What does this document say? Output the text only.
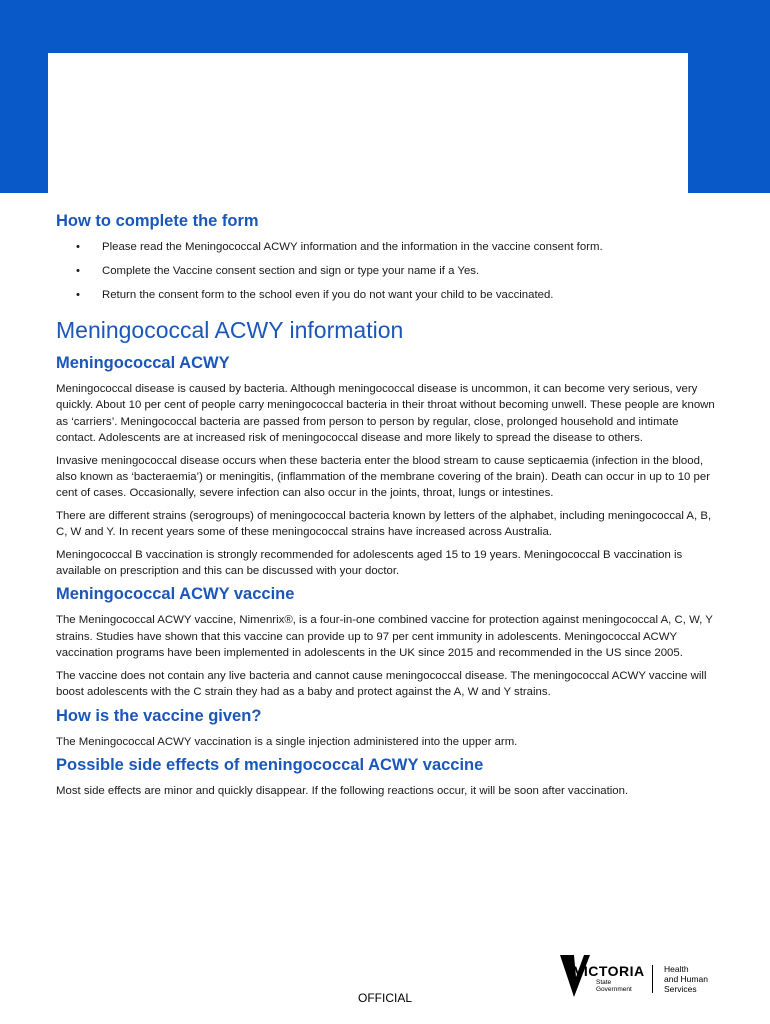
How to complete the form
• Please read the Meningococcal ACWY information and the information in the vaccine consent form.
• Complete the Vaccine consent section and sign or type your name if a Yes.
• Return the consent form to the school even if you do not want your child to be vaccinated.
Meningococcal ACWY information
Meningococcal ACWY

Meningococcal disease is caused by bacteria. Although meningococcal disease is uncommon, it can become very serious, very quickly. About 10 per cent of people carry meningococcal bacteria in their throat without becoming unwell. These people are known as ‘carriers’. Meningococcal bacteria are passed from person to person by regular, close, prolonged household and intimate contact. Adolescents are at increased risk of meningococcal disease and more likely to spread the disease to others.

Invasive meningococcal disease occurs when these bacteria enter the blood stream to cause septicaemia (infection in the blood, also known as ‘bacteraemia’) or meningitis, (inflammation of the membrane covering of the brain). Death can occur in up to 10 per cent of cases. Occasionally, severe infection can also occur in the joints, throat, lungs or intestines.

There are different strains (serogroups) of meningococcal bacteria known by letters of the alphabet, including meningococcal A, B, C, W and Y. In recent years some of these meningococcal strains have increased across Australia.

Meningococcal B vaccination is strongly recommended for adolescents aged 15 to 19 years. Meningococcal B vaccination is available on prescription and this can be discussed with your doctor.

Meningococcal ACWY vaccine

The Meningococcal ACWY vaccine, Nimenrix®, is a four-in-one combined vaccine for protection against meningococcal A, C, W, Y strains. Studies have shown that this vaccine can provide up to 97 per cent immunity in adolescents. Meningococcal ACWY vaccination programs have been implemented in adolescents in the UK since 2015 and recommended in the US since 2005.

The vaccine does not contain any live bacteria and cannot cause meningococcal disease. The meningococcal ACWY vaccine will boost adolescents with the C strain they had as a baby and protect against the A, W and Y strains.

How is the vaccine given?

The Meningococcal ACWY vaccination is a single injection administered into the upper arm.

Possible side effects of meningococcal ACWY vaccine

Most side effects are minor and quickly disappear. If the following reactions occur, it will be soon after vaccination.

VICTORIA
State
Government
Health
and Human
Services
OFFICIAL
